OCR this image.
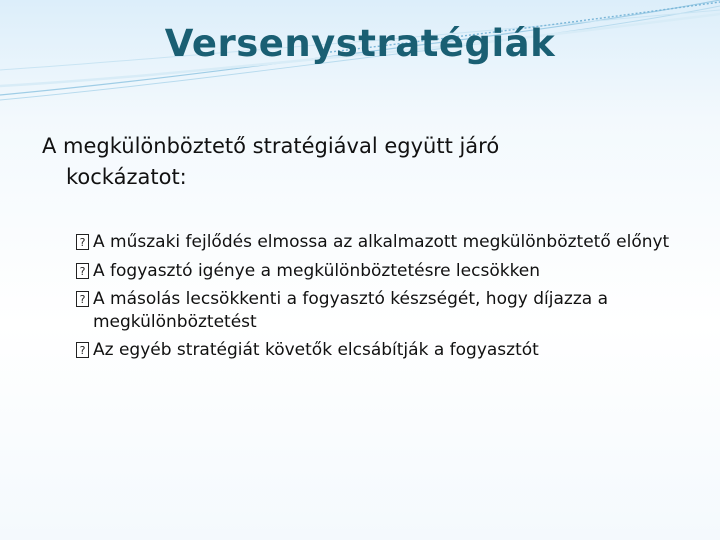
Versenystratégiák
A megkülönböztető stratégiával együtt járó
kockázatot:
? A műszaki fejlődés elmossa az alkalmazott megkülönböztető előnyt
? A fogyasztó igénye a megkülönböztetésre lecsökken
? A másolás lecsökkenti a fogyasztó készségét, hogy díjazza a megkülönböztetést
? Az egyéb stratégiát követők elcsábítják a fogyasztót
